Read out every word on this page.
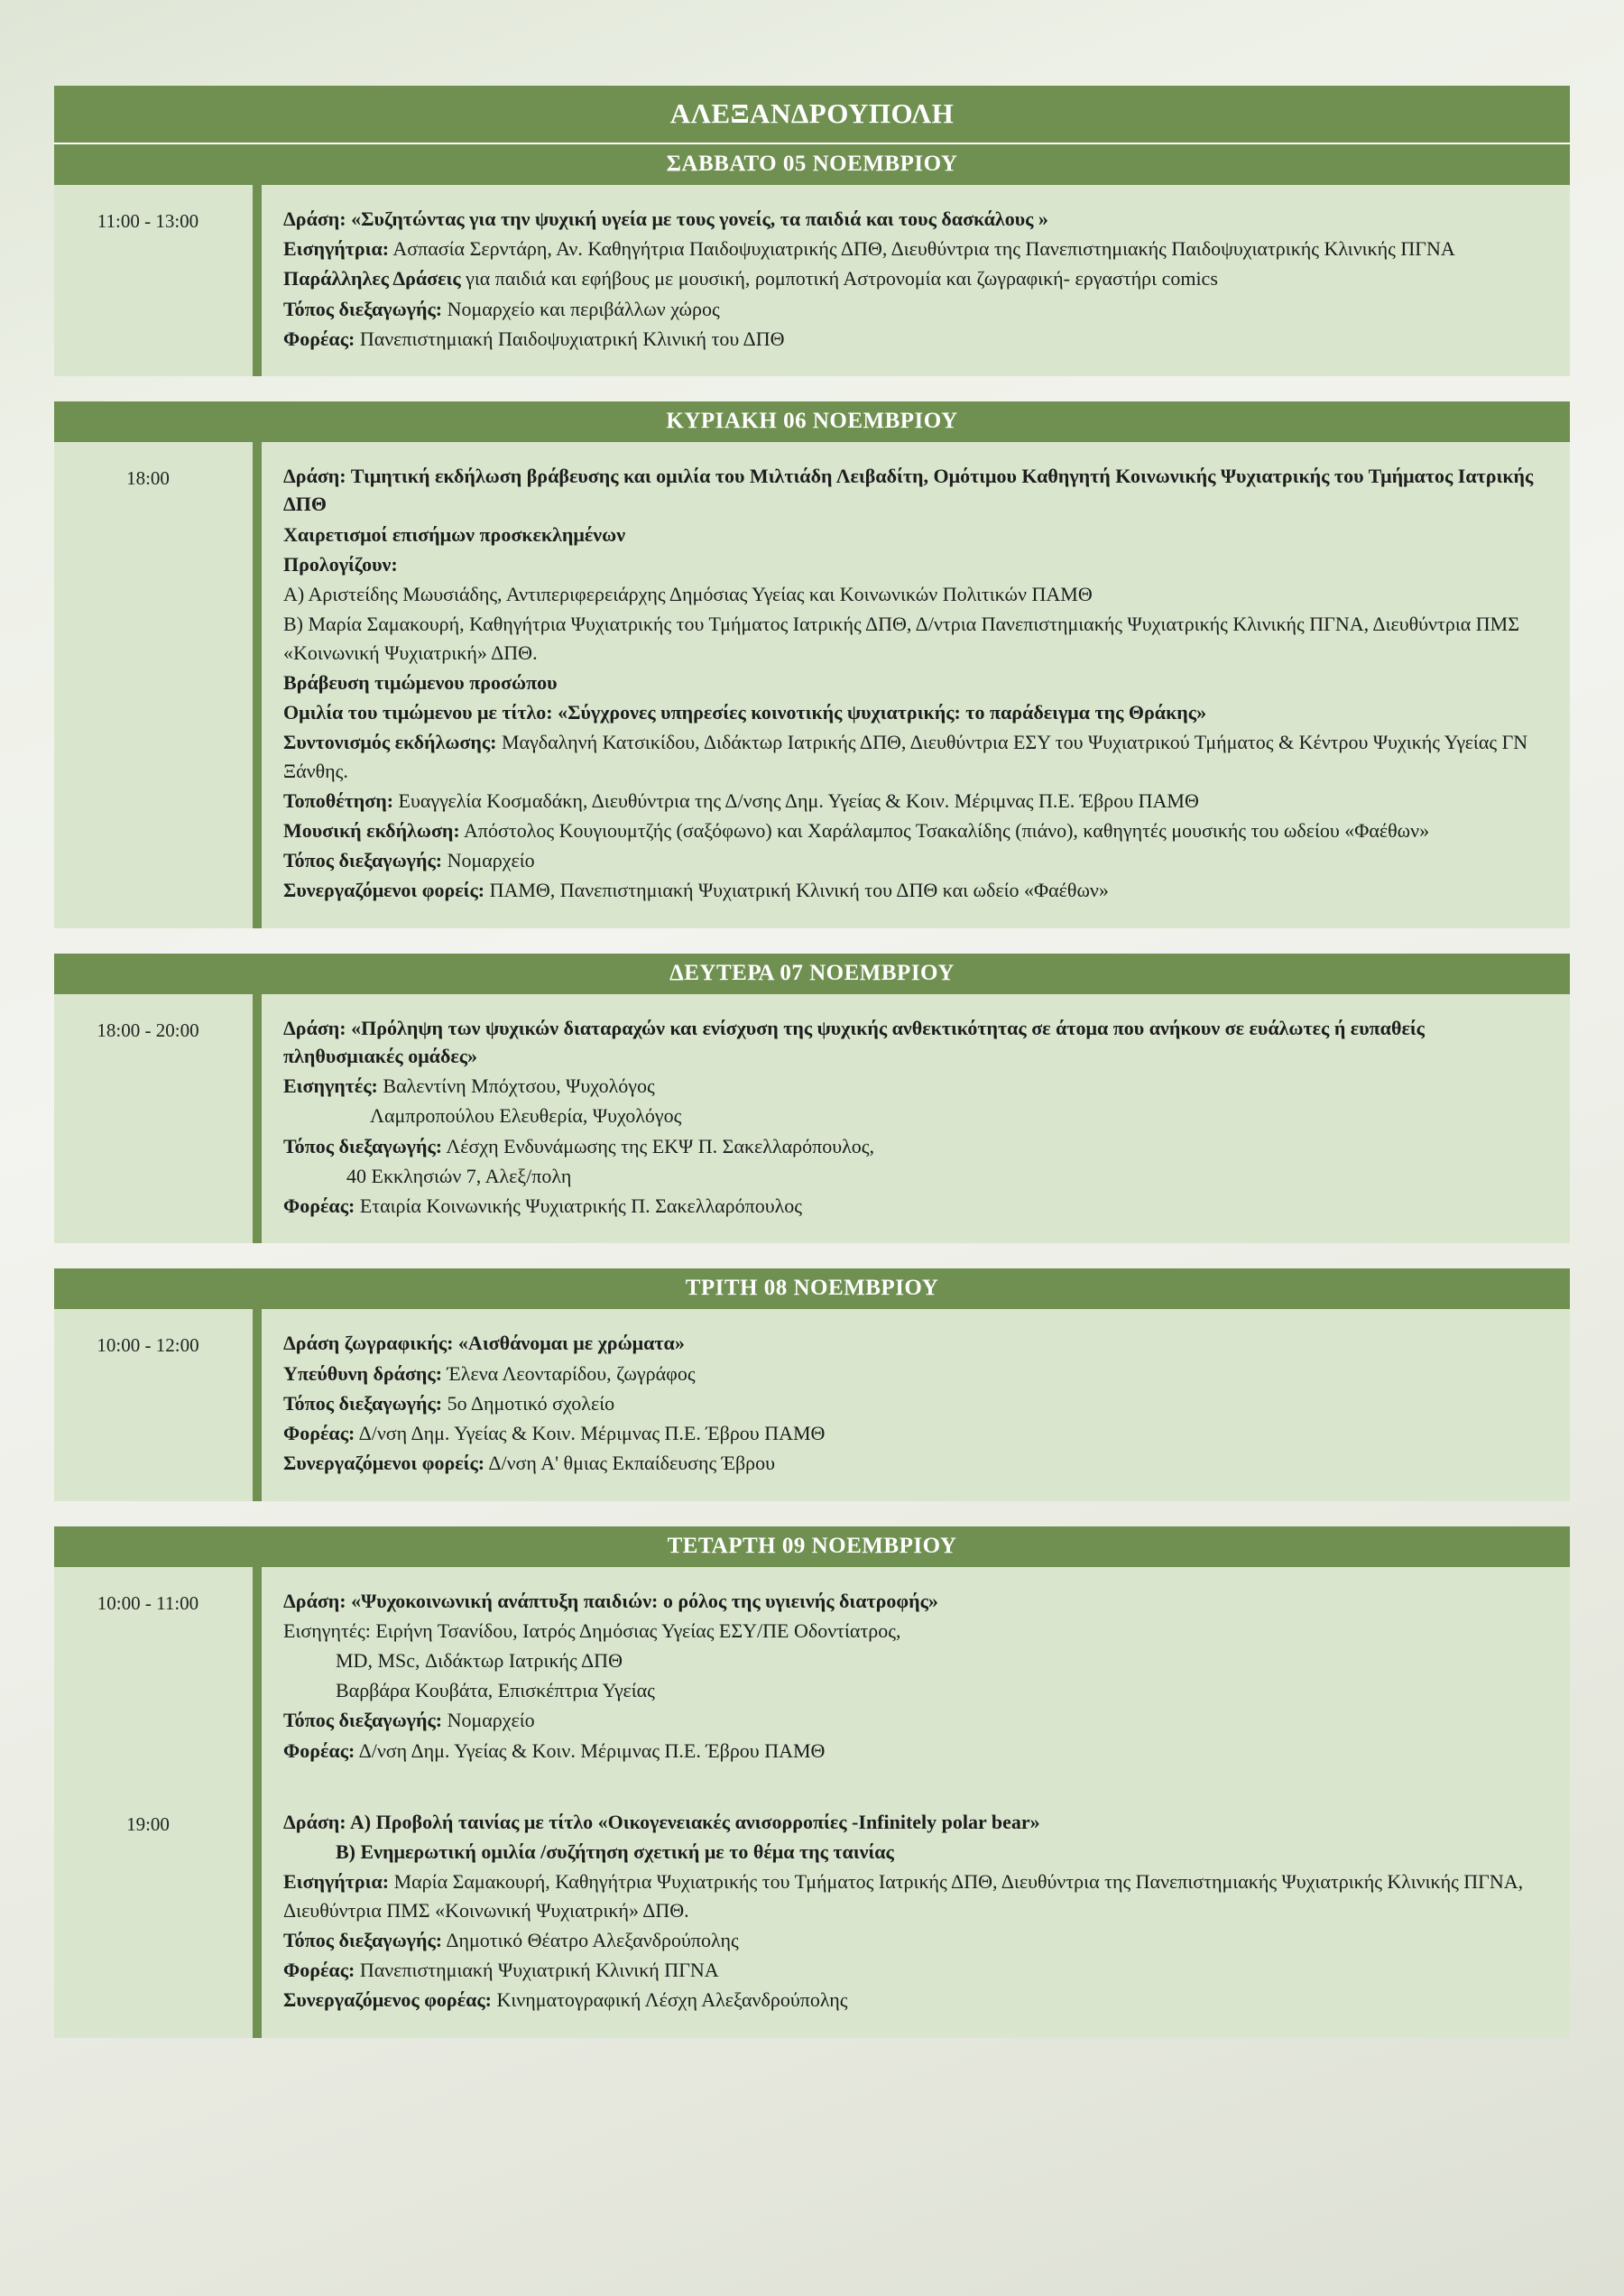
ΑΛΕΞΑΝΔΡΟΥΠΟΛΗ
ΣΑΒΒΑΤΟ 05 ΝΟΕΜΒΡΙΟΥ
11:00 - 13:00	Δράση: «Συζητώντας για την ψυχική υγεία με τους γονείς, τα παιδιά και τους δασκάλους »

Εισηγήτρια: Ασπασία Σερντάρη, Αν. Καθηγήτρια Παιδοψυχιατρικής ΔΠΘ, Διευθύντρια της Πανεπιστημιακής Παιδοψυχιατρικής Κλινικής ΠΓΝΑ

Παράλληλες Δράσεις για παιδιά και εφήβους με μουσική, ρομποτική Αστρονομία και ζωγραφική- εργαστήρι comics

Τόπος διεξαγωγής: Νομαρχείο και περιβάλλων χώρος

Φορέας: Πανεπιστημιακή Παιδοψυχιατρική Κλινική του ΔΠΘ

ΚΥΡΙΑΚΗ 06 ΝΟΕΜΒΡΙΟΥ
18:00	Δράση: Τιμητική εκδήλωση βράβευσης και ομιλία του Μιλτιάδη Λειβαδίτη, Ομότιμου Καθηγητή Κοινωνικής Ψυχιατρικής του Τμήματος Ιατρικής ΔΠΘ

Χαιρετισμοί επισήμων προσκεκλημένων

Προλογίζουν:

Α) Αριστείδης Μωυσιάδης, Αντιπεριφερειάρχης Δημόσιας Υγείας και Κοινωνικών Πολιτικών ΠΑΜΘ

Β) Μαρία Σαμακουρή, Καθηγήτρια Ψυχιατρικής του Τμήματος Ιατρικής ΔΠΘ, Δ/ντρια Πανεπιστημιακής Ψυχιατρικής Κλινικής ΠΓΝΑ, Διευθύντρια ΠΜΣ «Κοινωνική Ψυχιατρική» ΔΠΘ.

Βράβευση τιμώμενου προσώπου

Ομιλία του τιμώμενου με τίτλο: «Σύγχρονες υπηρεσίες κοινοτικής ψυχιατρικής: το παράδειγμα της Θράκης»

Συντονισμός εκδήλωσης: Μαγδαληνή Κατσικίδου, Διδάκτωρ Ιατρικής ΔΠΘ, Διευθύντρια ΕΣΥ του Ψυχιατρικού Τμήματος & Κέντρου Ψυχικής Υγείας ΓΝ Ξάνθης.

Τοποθέτηση: Ευαγγελία Κοσμαδάκη, Διευθύντρια της Δ/νσης Δημ. Υγείας & Κοιν. Μέριμνας Π.Ε. Έβρου ΠΑΜΘ

Μουσική εκδήλωση: Απόστολος Κουγιουμτζής (σαξόφωνο) και Χαράλαμπος Τσακαλίδης (πιάνο), καθηγητές μουσικής του ωδείου «Φαέθων»

Τόπος διεξαγωγής: Νομαρχείο

Συνεργαζόμενοι φορείς: ΠΑΜΘ, Πανεπιστημιακή Ψυχιατρική Κλινική του ΔΠΘ και ωδείο «Φαέθων»

ΔΕΥΤΕΡΑ 07 ΝΟΕΜΒΡΙΟΥ
18:00 - 20:00	Δράση: «Πρόληψη των ψυχικών διαταραχών και ενίσχυση της ψυχικής ανθεκτικότητας σε άτομα που ανήκουν σε ευάλωτες ή ευπαθείς πληθυσμιακές ομάδες»

Εισηγητές: Βαλεντίνη Μπόχτσου, Ψυχολόγος

Λαμπροπούλου Ελευθερία, Ψυχολόγος

Τόπος διεξαγωγής: Λέσχη Ενδυνάμωσης της ΕΚΨ Π. Σακελλαρόπουλος,

40 Εκκλησιών 7, Αλεξ/πολη

Φορέας: Εταιρία Κοινωνικής Ψυχιατρικής Π. Σακελλαρόπουλος

ΤΡΙΤΗ 08 ΝΟΕΜΒΡΙΟΥ
10:00 - 12:00	Δράση ζωγραφικής: «Αισθάνομαι με χρώματα»

Υπεύθυνη δράσης: Έλενα Λεονταρίδου, ζωγράφος

Τόπος διεξαγωγής: 5ο Δημοτικό σχολείο

Φορέας: Δ/νση Δημ. Υγείας & Κοιν. Μέριμνας Π.Ε. Έβρου ΠΑΜΘ

Συνεργαζόμενοι φορείς: Δ/νση Α' θμιας Εκπαίδευσης Έβρου

ΤΕΤΑΡΤΗ 09 ΝΟΕΜΒΡΙΟΥ
10:00 - 11:00	Δράση: «Ψυχοκοινωνική ανάπτυξη παιδιών: ο ρόλος της υγιεινής διατροφής»

Εισηγητές: Ειρήνη Τσανίδου, Ιατρός Δημόσιας Υγείας ΕΣΥ/ΠΕ Οδοντίατρος,

MD, MSc, Διδάκτωρ Ιατρικής ΔΠΘ

Βαρβάρα Κουβάτα, Επισκέπτρια Υγείας

Τόπος διεξαγωγής: Νομαρχείο

Φορέας: Δ/νση Δημ. Υγείας & Κοιν. Μέριμνας Π.Ε. Έβρου ΠΑΜΘ

19:00	Δράση: Α) Προβολή ταινίας με τίτλο «Οικογενειακές ανισορροπίες -Infinitely polar bear»

Β) Ενημερωτική ομιλία /συζήτηση σχετική με το θέμα της ταινίας

Εισηγήτρια: Μαρία Σαμακουρή, Καθηγήτρια Ψυχιατρικής του Τμήματος Ιατρικής ΔΠΘ, Διευθύντρια της Πανεπιστημιακής Ψυχιατρικής Κλινικής ΠΓΝΑ, Διευθύντρια ΠΜΣ «Κοινωνική Ψυχιατρική» ΔΠΘ.

Τόπος διεξαγωγής: Δημοτικό Θέατρο Αλεξανδρούπολης

Φορέας: Πανεπιστημιακή Ψυχιατρική Κλινική ΠΓΝΑ

Συνεργαζόμενος φορέας: Κινηματογραφική Λέσχη Αλεξανδρούπολης
